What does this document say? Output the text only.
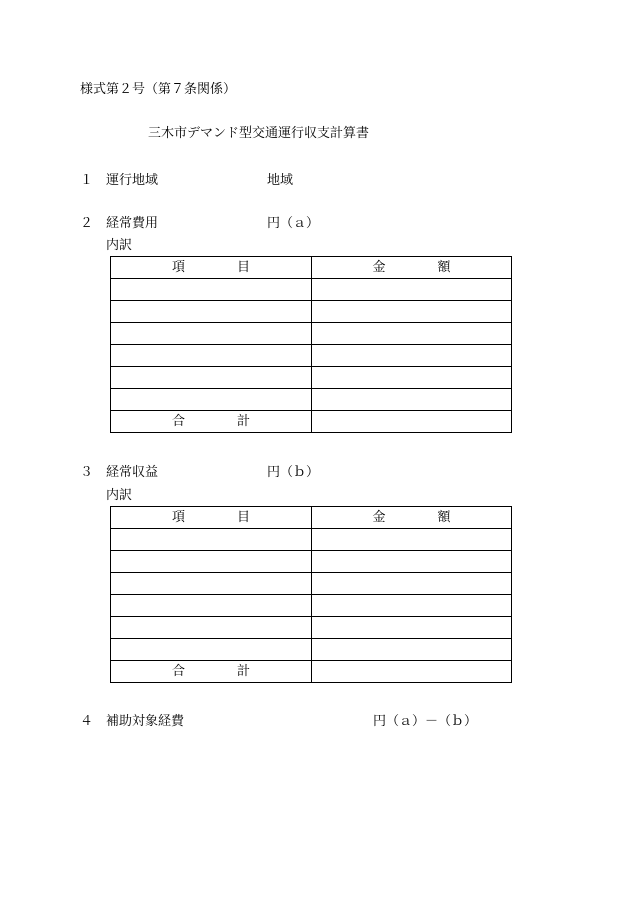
様式第２号（第７条関係）
三木市デマンド型交通運行収支計算書
１ 運行地域	地域
２ 経常費用	円（ａ）
内訳
項　　　　目	金　　　　額

合　　　　計	
３ 経常収益	円（ｂ）
内訳
項　　　　目	金　　　　額

合　　　　計	
４ 補助対象経費	円（ａ）－（ｂ）
